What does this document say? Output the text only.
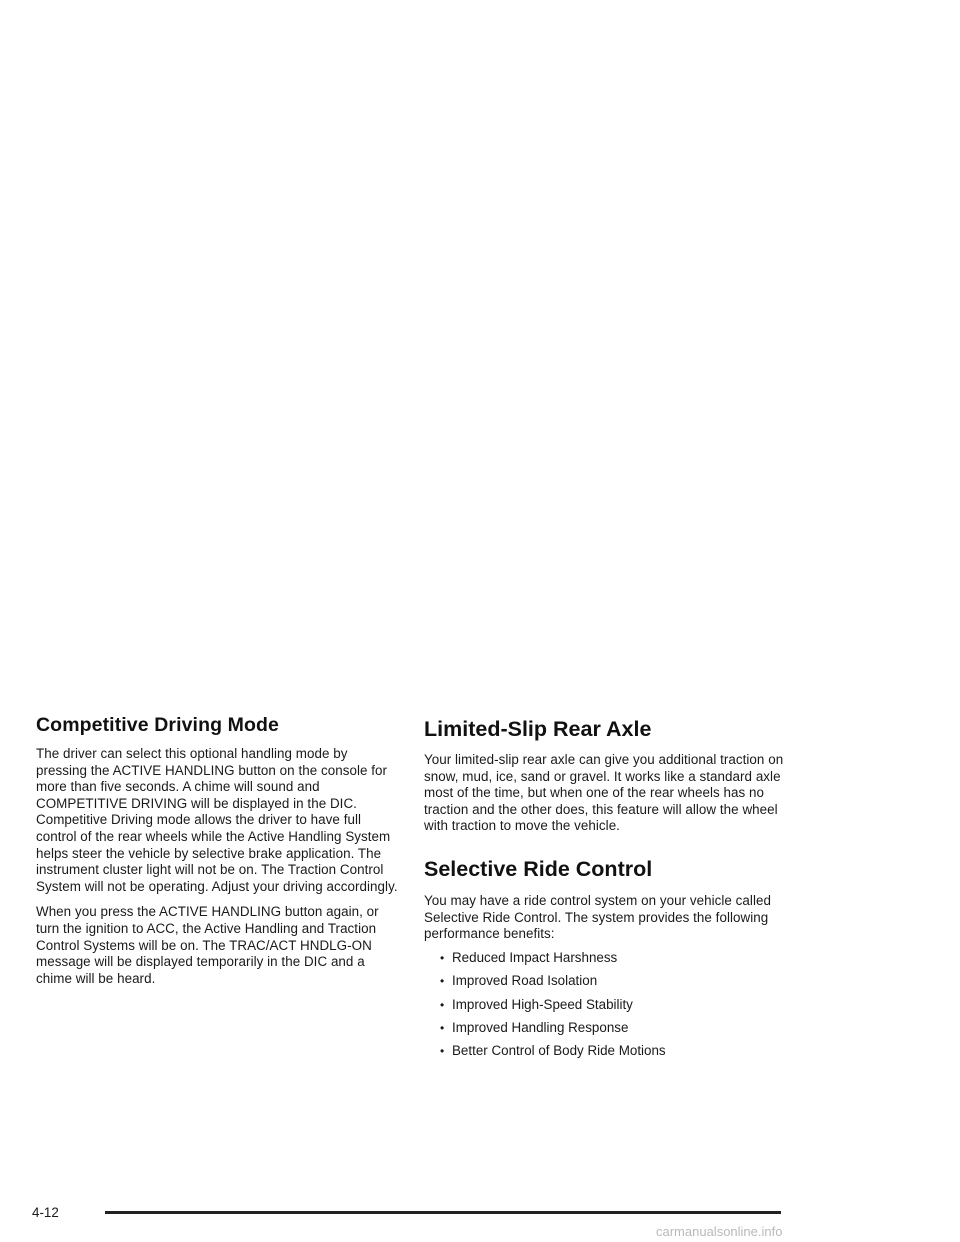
Competitive Driving Mode

The driver can select this optional handling mode by pressing the ACTIVE HANDLING button on the console for more than five seconds. A chime will sound and COMPETITIVE DRIVING will be displayed in the DIC. Competitive Driving mode allows the driver to have full control of the rear wheels while the Active Handling System helps steer the vehicle by selective brake application. The instrument cluster light will not be on. The Traction Control System will not be operating. Adjust your driving accordingly.

When you press the ACTIVE HANDLING button again, or turn the ignition to ACC, the Active Handling and Traction Control Systems will be on. The TRAC/ACT HNDLG-ON message will be displayed temporarily in the DIC and a chime will be heard.

Limited-Slip Rear Axle

Your limited-slip rear axle can give you additional traction on snow, mud, ice, sand or gravel. It works like a standard axle most of the time, but when one of the rear wheels has no traction and the other does, this feature will allow the wheel with traction to move the vehicle.

Selective Ride Control

You may have a ride control system on your vehicle called Selective Ride Control. The system provides the following performance benefits:

• Reduced Impact Harshness
• Improved Road Isolation
• Improved High-Speed Stability
• Improved Handling Response
• Better Control of Body Ride Motions
4-12
carmanualsonline.info
